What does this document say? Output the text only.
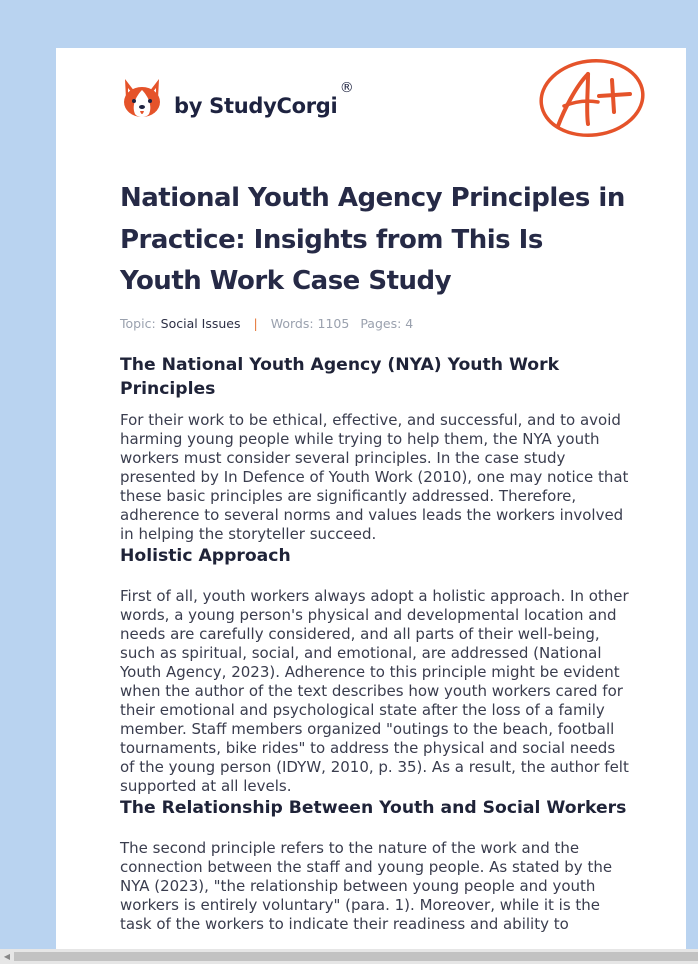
by StudyCorgi
®
A+
National Youth Agency Principles in Practice: Insights from This Is Youth Work Case Study
Topic: Social Issues | Words: 1105 Pages: 4
The National Youth Agency (NYA) Youth Work Principles

For their work to be ethical, effective, and successful, and to avoid harming young people while trying to help them, the NYA youth workers must consider several principles. In the case study presented by In Defence of Youth Work (2010), one may notice that these basic principles are significantly addressed. Therefore, adherence to several norms and values leads the workers involved in helping the storyteller succeed.

Holistic Approach

First of all, youth workers always adopt a holistic approach. In other words, a young person's physical and developmental location and needs are carefully considered, and all parts of their well-being, such as spiritual, social, and emotional, are addressed (National Youth Agency, 2023). Adherence to this principle might be evident when the author of the text describes how youth workers cared for their emotional and psychological state after the loss of a family member. Staff members organized "outings to the beach, football tournaments, bike rides" to address the physical and social needs of the young person (IDYW, 2010, p. 35). As a result, the author felt supported at all levels.

The Relationship Between Youth and Social Workers

The second principle refers to the nature of the work and the connection between the staff and young people. As stated by the NYA (2023), "the relationship between young people and youth workers is entirely voluntary" (para. 1). Moreover, while it is the task of the workers to indicate their readiness and ability to

◀
